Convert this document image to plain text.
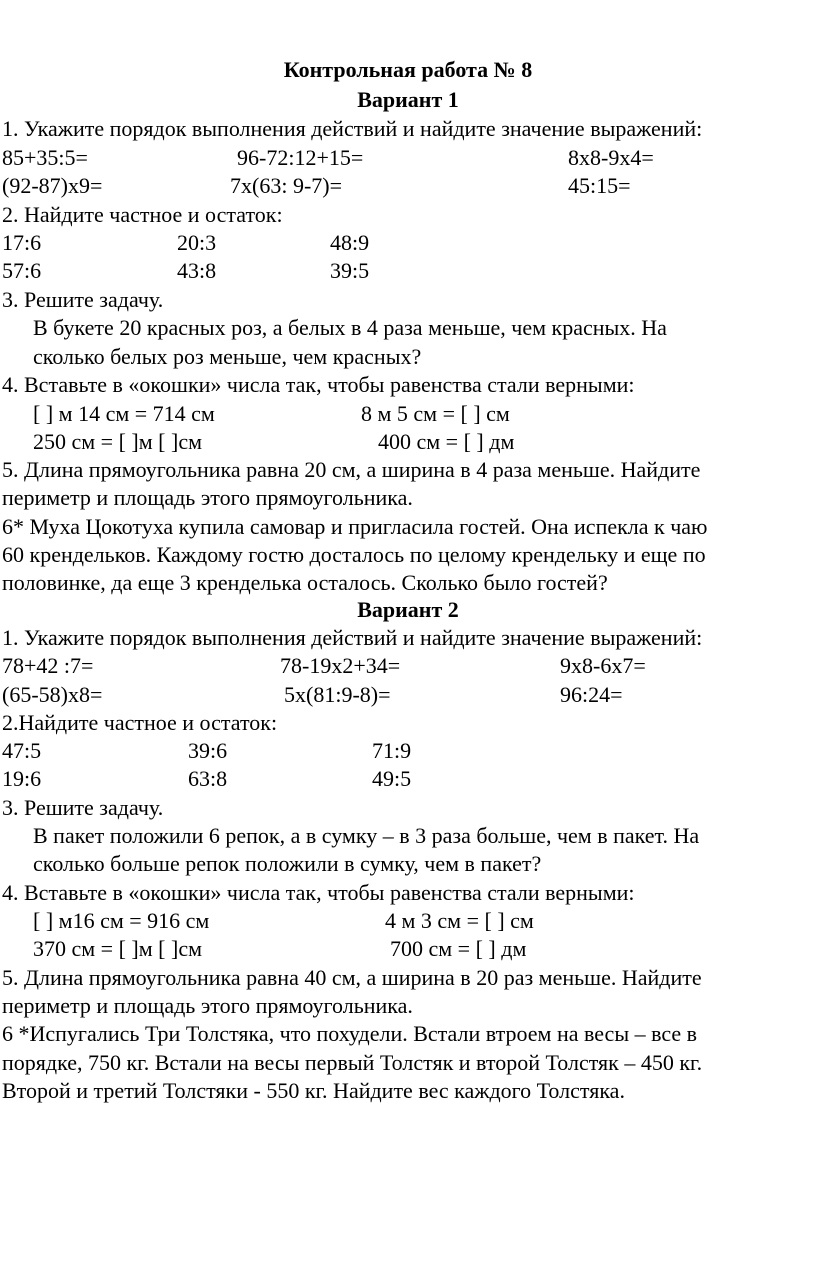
Контрольная работа № 8
Вариант 1
1. Укажите порядок выполнения действий и найдите значение выражений:
85+35:5=	96-72:12+15=	8х8-9х4=
(92-87)х9=	7х(63: 9-7)=	45:15=
2. Найдите частное и остаток:
17:6	20:3	48:9
57:6	43:8	39:5
3. Решите задачу.
В букете 20 красных роз, а белых в 4 раза меньше, чем красных. На
сколько белых роз меньше, чем красных?
4. Вставьте в «окошки» числа так, чтобы равенства стали верными:
[ ] м 14 см = 714 см	8 м 5 см = [ ] см
250 см = [ ]м [ ]см	400 см = [ ] дм
5. Длина прямоугольника равна 20 см, а ширина в 4 раза меньше. Найдите
периметр и площадь этого прямоугольника.
6* Муха Цокотуха купила самовар и пригласила гостей. Она испекла к чаю
60 крендельков. Каждому гостю досталось по целому крендельку и еще по
половинке, да еще 3 кренделька осталось. Сколько было гостей?
Вариант 2
1. Укажите порядок выполнения действий и найдите значение выражений:
78+42 :7=	78-19х2+34=	9х8-6х7=
(65-58)х8=	5х(81:9-8)=	96:24=
2.Найдите частное и остаток:
47:5	39:6	71:9
19:6	63:8	49:5
3. Решите задачу.
В пакет положили 6 репок, а в сумку – в 3 раза больше, чем в пакет. На
сколько больше репок положили в сумку, чем в пакет?
4. Вставьте в «окошки» числа так, чтобы равенства стали верными:
[ ] м16 см = 916 см	4 м 3 см = [ ] см
370 см = [ ]м [ ]см	700 см = [ ] дм
5. Длина прямоугольника равна 40 см, а ширина в 20 раз меньше. Найдите
периметр и площадь этого прямоугольника.
6 *Испугались Три Толстяка, что похудели. Встали втроем на весы – все в
порядке, 750 кг. Встали на весы первый Толстяк и второй Толстяк – 450 кг.
Второй и третий Толстяки - 550 кг. Найдите вес каждого Толстяка.
